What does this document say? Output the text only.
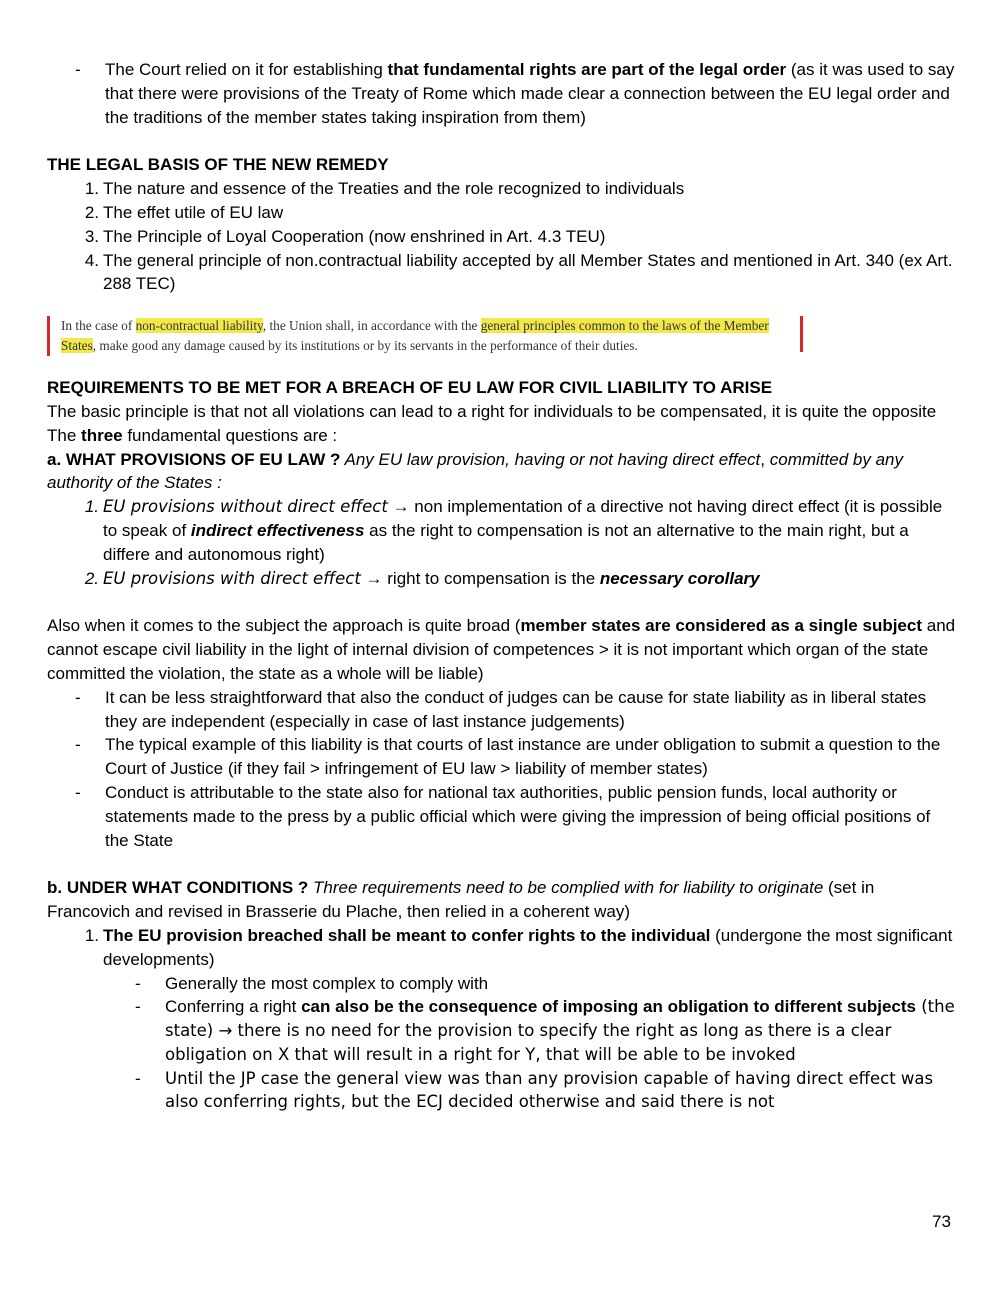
-	The Court relied on it for establishing that fundamental rights are part of the legal order (as it was used to say that there were provisions of the Treaty of Rome which made clear a connection between the EU legal order and the traditions of the member states taking inspiration from them)
THE LEGAL BASIS OF THE NEW REMEDY
1. The nature and essence of the Treaties and the role recognized to individuals
2. The effet utile of EU law
3. The Principle of Loyal Cooperation (now enshrined in Art. 4.3 TEU)
4. The general principle of non.contractual liability accepted by all Member States and mentioned in Art. 340 (ex Art. 288 TEC)
In the case of non-contractual liability, the Union shall, in accordance with the general principles common to the laws of the Member States, make good any damage caused by its institutions or by its servants in the performance of their duties.
REQUIREMENTS TO BE MET FOR A BREACH OF EU LAW FOR CIVIL LIABILITY TO ARISE
The basic principle is that not all violations can lead to a right for individuals to be compensated, it is quite the opposite
The three fundamental questions are :
a. WHAT PROVISIONS OF EU LAW ? Any EU law provision, having or not having direct effect, committed by any authority of the States :
1. EU provisions without direct effect → non implementation of a directive not having direct effect (it is possible to speak of indirect effectiveness as the right to compensation is not an alternative to the main right, but a differe and autonomous right)
2. EU provisions with direct effect → right to compensation is the necessary corollary
Also when it comes to the subject the approach is quite broad (member states are considered as a single subject and cannot escape civil liability in the light of internal division of competences > it is not important which organ of the state committed the violation, the state as a whole will be liable)
-	It can be less straightforward that also the conduct of judges can be cause for state liability as in liberal states they are independent (especially in case of last instance judgements)
-	The typical example of this liability is that courts of last instance are under obligation to submit a question to the Court of Justice (if they fail > infringement of EU law > liability of member states)
-	Conduct is attributable to the state also for national tax authorities, public pension funds, local authority or statements made to the press by a public official which were giving the impression of being official positions of the State
b. UNDER WHAT CONDITIONS ? Three requirements need to be complied with for liability to originate (set in Francovich and revised in Brasserie du Plache, then relied in a coherent way)
1. The EU provision breached shall be meant to confer rights to the individual (undergone the most significant developments)
-	Generally the most complex to comply with
-	Conferring a right can also be the consequence of imposing an obligation to different subjects (the state) → there is no need for the provision to specify the right as long as there is a clear obligation on X that will result in a right for Y, that will be able to be invoked
-	Until the JP case the general view was than any provision capable of having direct effect was also conferring rights, but the ECJ decided otherwise and said there is not
73
